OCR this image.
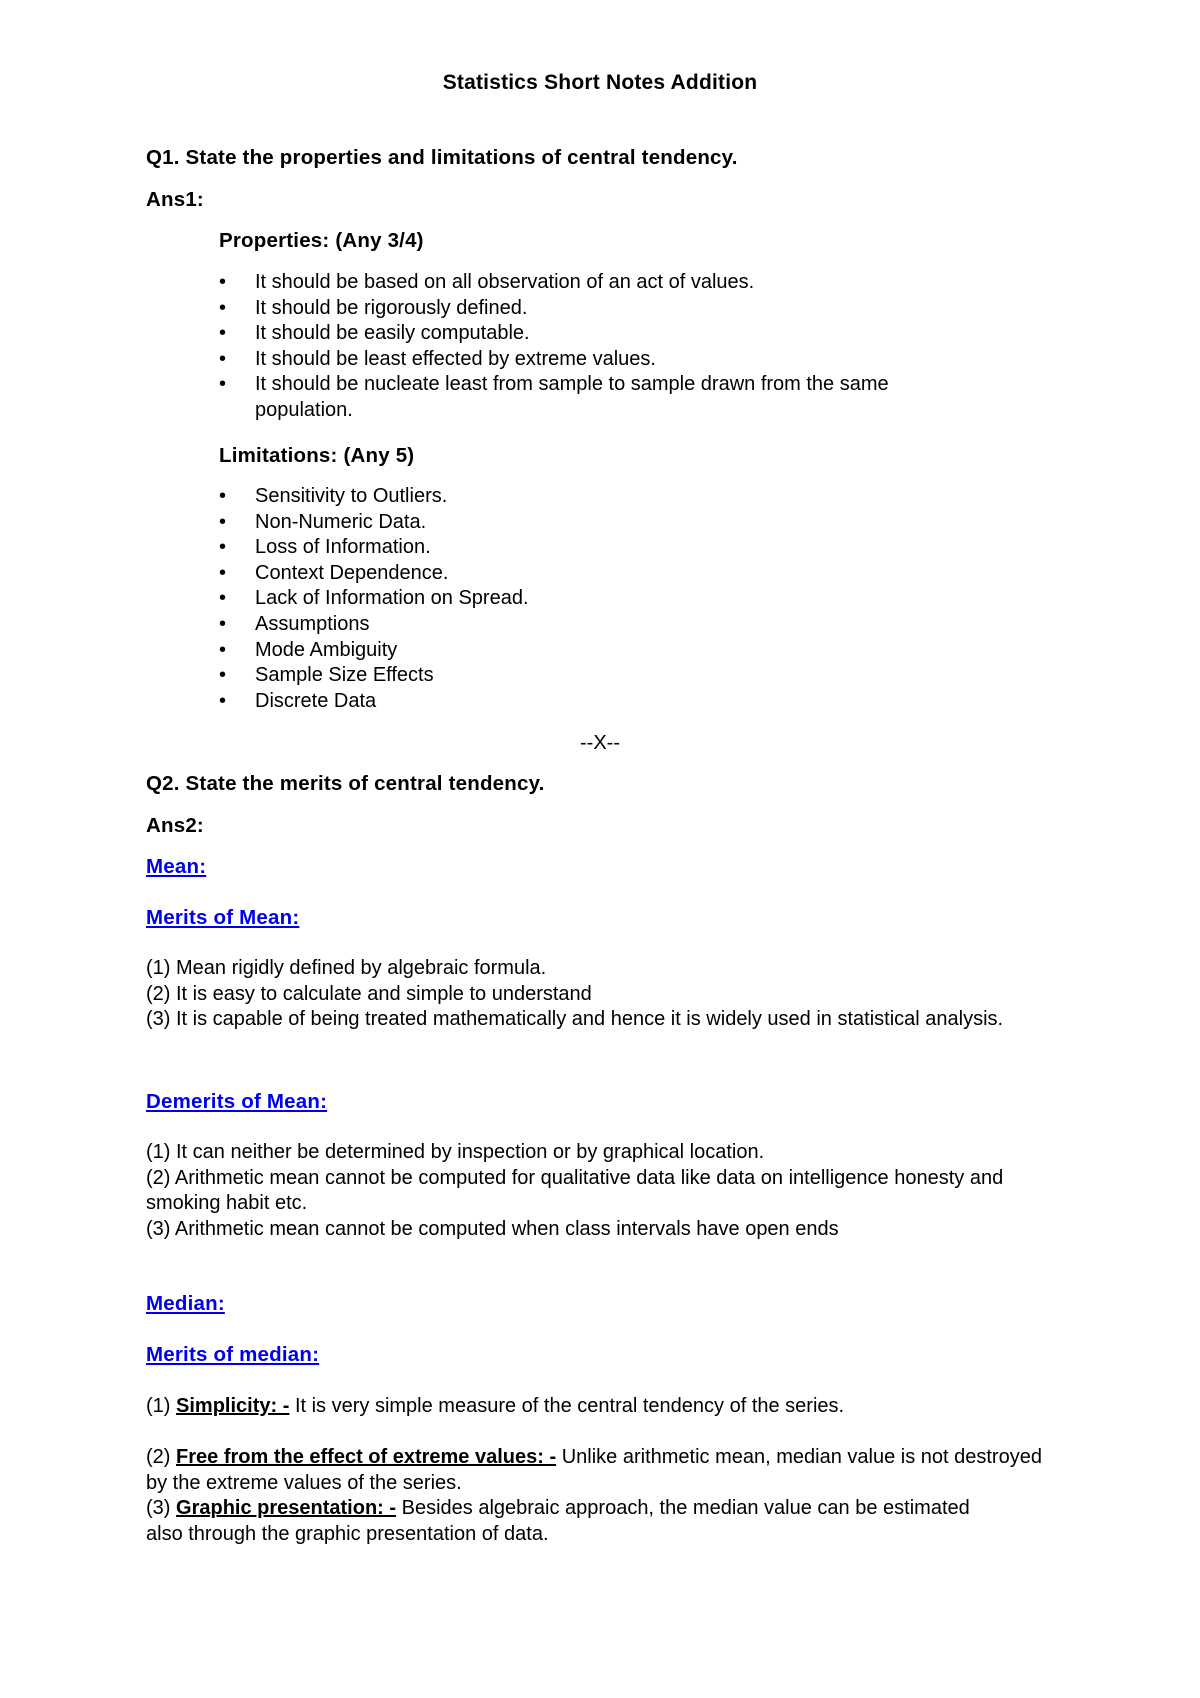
Statistics Short Notes Addition
Q1. State the properties and limitations of central tendency.
Ans1:
Properties: (Any 3/4)
• It should be based on all observation of an act of values.
• It should be rigorously defined.
• It should be easily computable.
• It should be least effected by extreme values.
• It should be nucleate least from sample to sample drawn from the same population.
Limitations: (Any 5)
• Sensitivity to Outliers.
• Non-Numeric Data.
• Loss of Information.
• Context Dependence.
• Lack of Information on Spread.
• Assumptions
• Mode Ambiguity
• Sample Size Effects
• Discrete Data
--X--
Q2. State the merits of central tendency.
Ans2:
Mean:
Merits of Mean:
(1) Mean rigidly defined by algebraic formula.
(2) It is easy to calculate and simple to understand
(3) It is capable of being treated mathematically and hence it is widely used in statistical analysis.
Demerits of Mean:
(1) It can neither be determined by inspection or by graphical location.
(2) Arithmetic mean cannot be computed for qualitative data like data on intelligence honesty and smoking habit etc.
(3) Arithmetic mean cannot be computed when class intervals have open ends
Median:
Merits of median:
(1) Simplicity: - It is very simple measure of the central tendency of the series.
(2) Free from the effect of extreme values: - Unlike arithmetic mean, median value is not destroyed by the extreme values of the series.
(3) Graphic presentation: - Besides algebraic approach, the median value can be estimated also through the graphic presentation of data.
